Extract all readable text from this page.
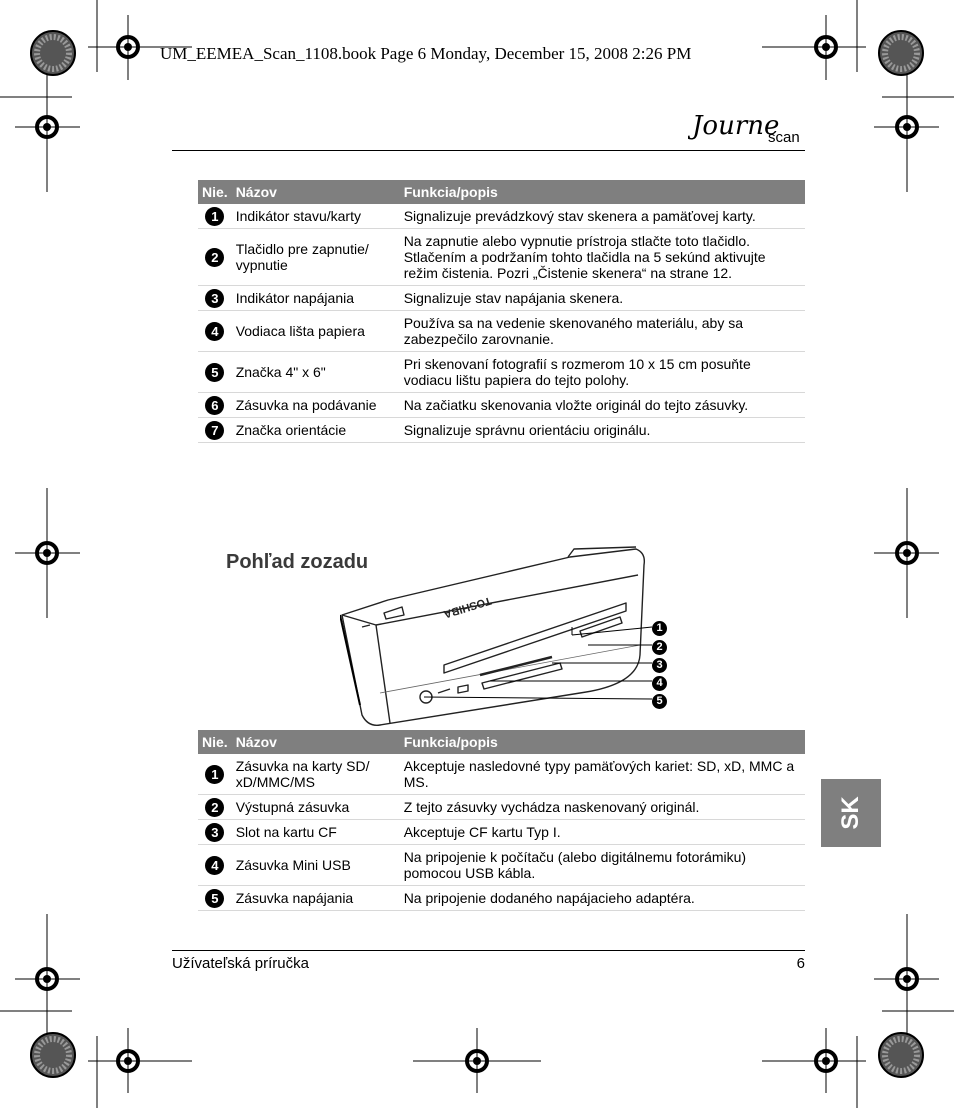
UM_EEMEA_Scan_1108.book Page 6 Monday, December 15, 2008 2:26 PM
Journe
scan
Nie.	Názov	Funkcia/popis
1	Indikátor stavu/karty	Signalizuje prevádzkový stav skenera a pamäťovej karty.
2	Tlačidlo pre zapnutie/ vypnutie	Na zapnutie alebo vypnutie prístroja stlačte toto tlačidlo.
Stlačením a podržaním tohto tlačidla na 5 sekúnd aktivujte režim čistenia. Pozri „Čistenie skenera“ na strane 12.
3	Indikátor napájania	Signalizuje stav napájania skenera.
4	Vodiaca lišta papiera	Používa sa na vedenie skenovaného materiálu, aby sa zabezpečilo zarovnanie.
5	Značka 4" x 6"	Pri skenovaní fotografií s rozmerom 10 x 15 cm posuňte vodiacu lištu papiera do tejto polohy.
6	Zásuvka na podávanie	Na začiatku skenovania vložte originál do tejto zásuvky.
7	Značka orientácie	Signalizuje správnu orientáciu originálu.
Pohľad zozadu
TOSHIBA
1
2
3
4
5
Nie.	Názov	Funkcia/popis
1	Zásuvka na karty SD/ xD/MMC/MS	Akceptuje nasledovné typy pamäťových kariet: SD, xD, MMC a MS.
2	Výstupná zásuvka	Z tejto zásuvky vychádza naskenovaný originál.
3	Slot na kartu CF	Akceptuje CF kartu Typ I.
4	Zásuvka Mini USB	Na pripojenie k počítaču (alebo digitálnemu fotorámiku) pomocou USB kábla.
5	Zásuvka napájania	Na pripojenie dodaného napájacieho adaptéra.
SK
Užívateľská príručka	6
